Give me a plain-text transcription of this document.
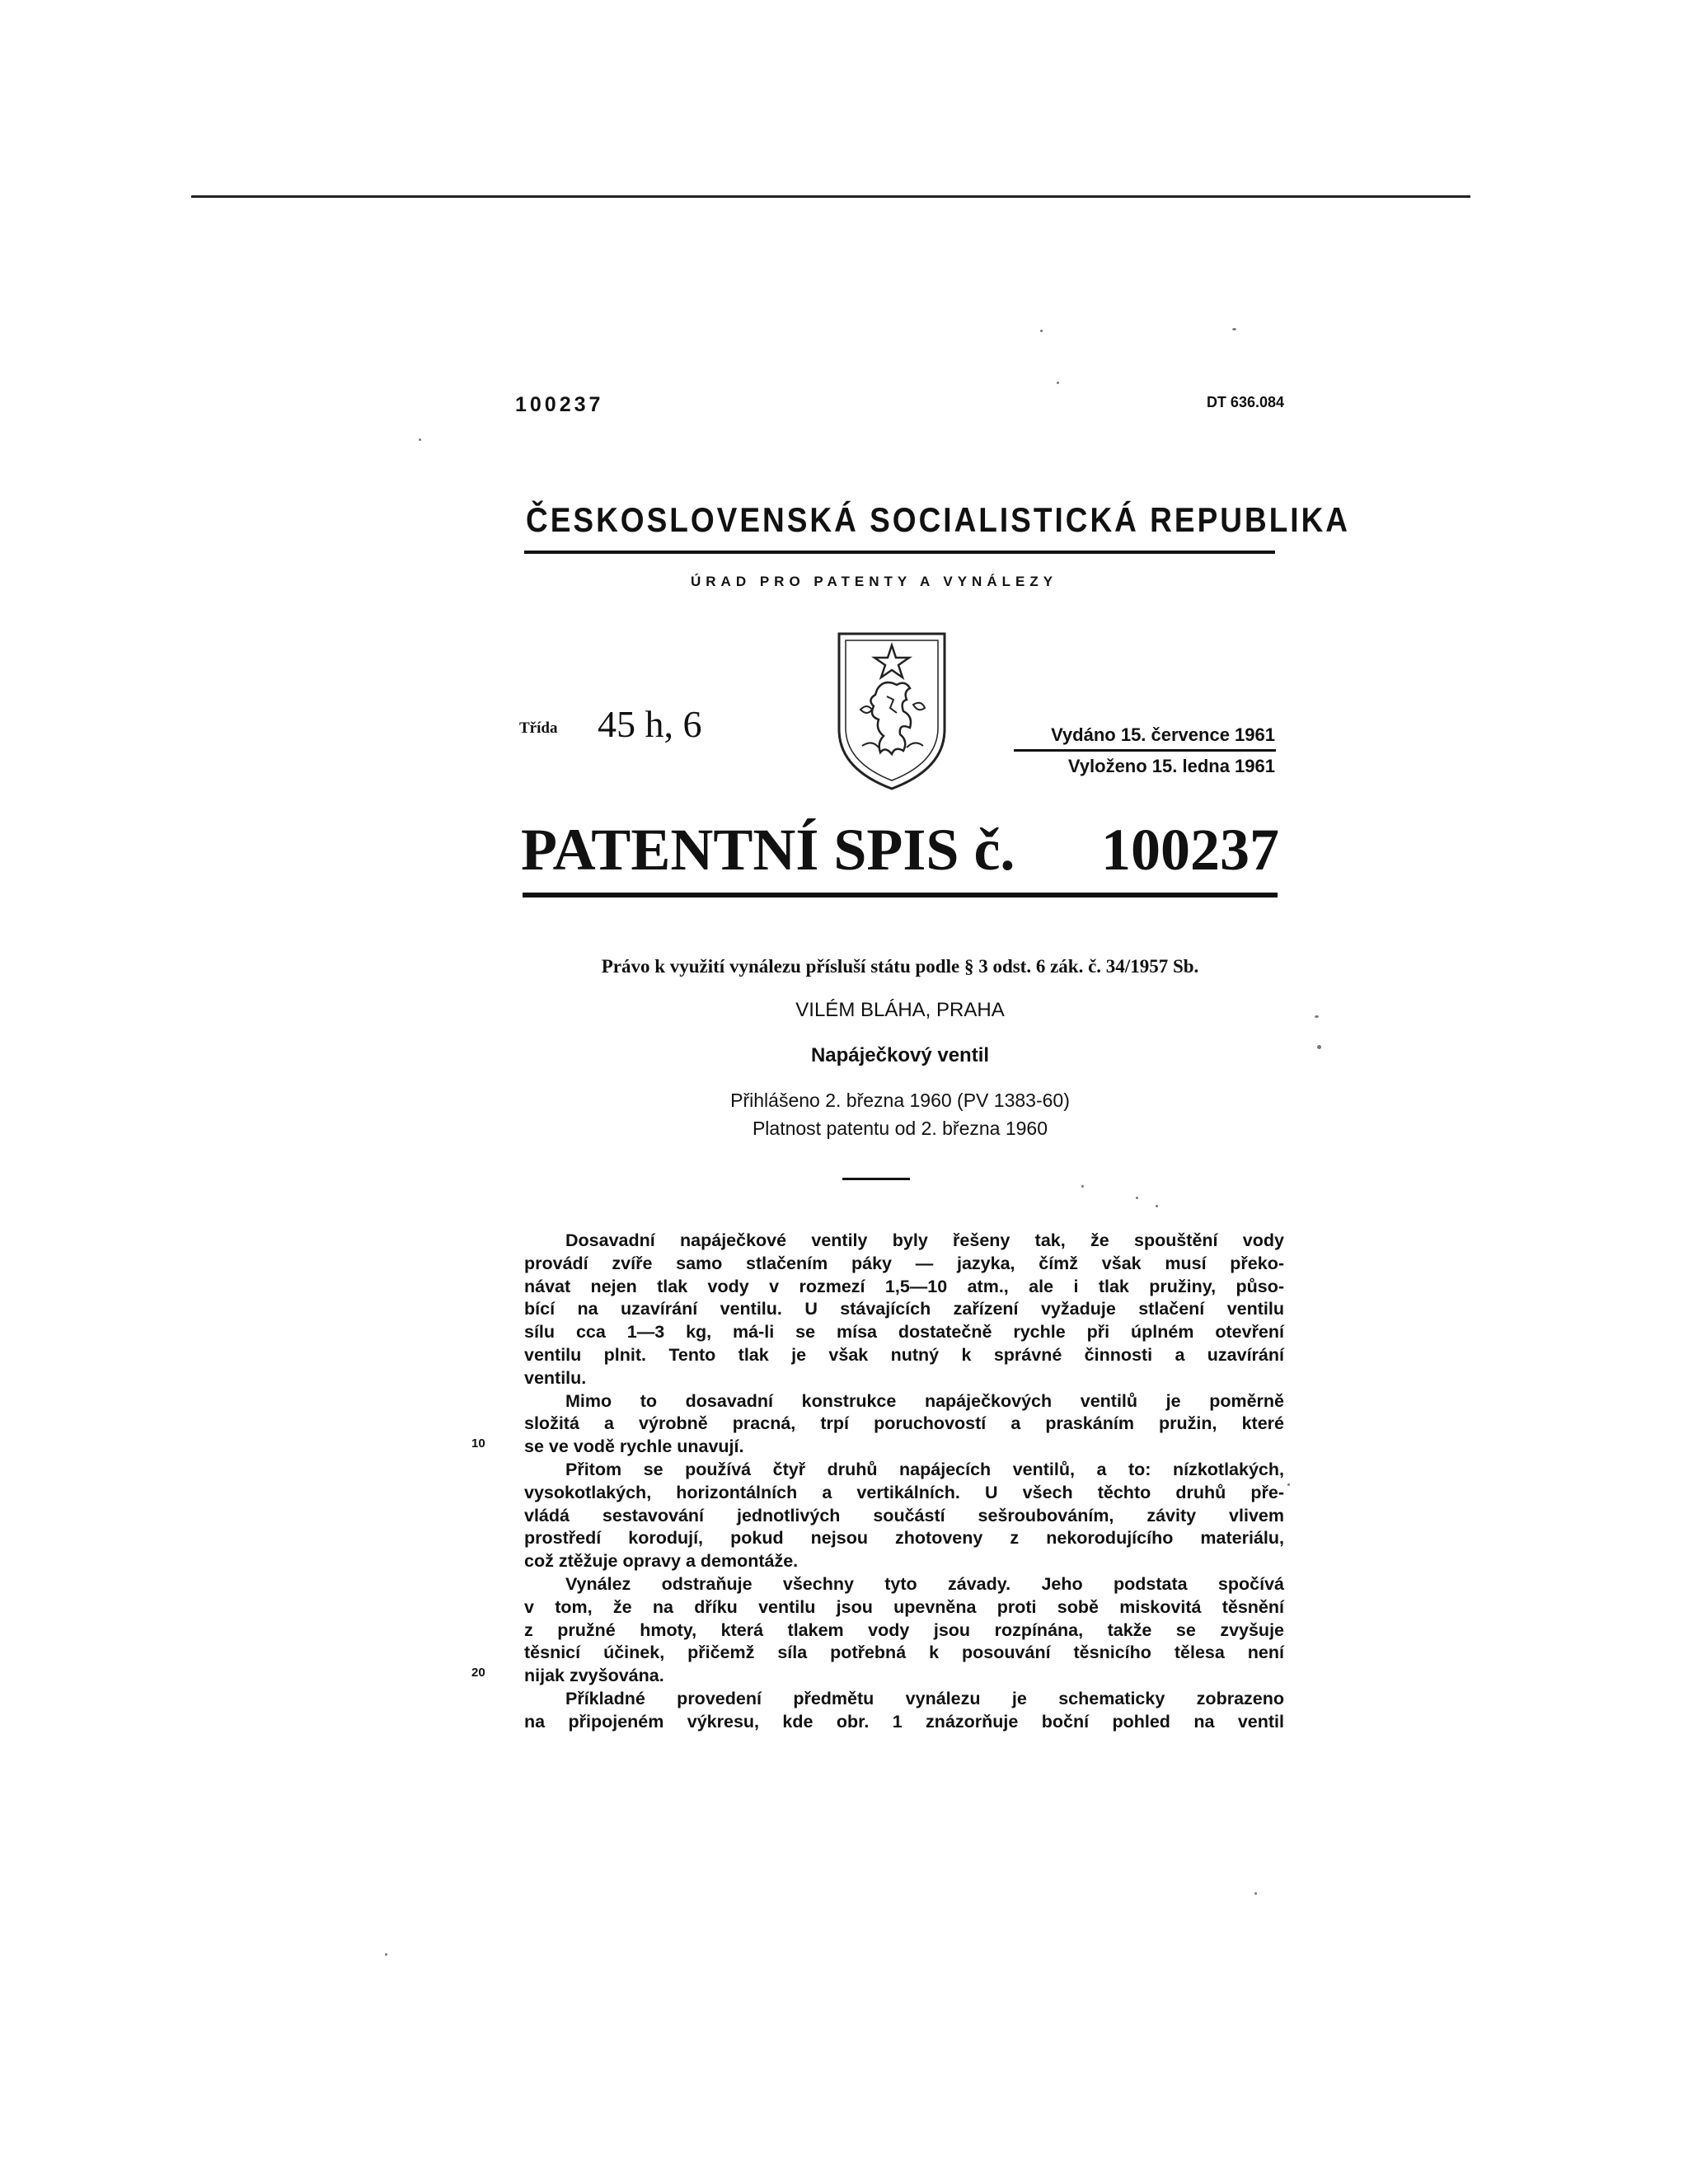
100237	DT 636.084
ČESKOSLOVENSKÁ SOCIALISTICKÁ REPUBLIKA
ÚRAD PRO PATENTY A VYNÁLEZY
Třída 45 h, 6	Vydáno 15. července 1961
Vyloženo 15. ledna 1961
PATENTNÍ SPIS č. 100237
Právo k využití vynálezu přísluší státu podle § 3 odst. 6 zák. č. 34/1957 Sb.
VILÉM BLÁHA, PRAHA
Napáječkový ventil
Přihlášeno 2. března 1960 (PV 1383-60)
Platnost patentu od 2. března 1960
10
20
Dosavadní napáječkové ventily byly řešeny tak, že spouštění vody
provádí zvíře samo stlačením páky — jazyka, čímž však musí překo-
návat nejen tlak vody v rozmezí 1,5—10 atm., ale i tlak pružiny, půso-
bící na uzavírání ventilu. U stávajících zařízení vyžaduje stlačení ventilu
sílu cca 1—3 kg, má-li se mísa dostatečně rychle při úplném otevření
ventilu plnit. Tento tlak je však nutný k správné činnosti a uzavírání
ventilu.
Mimo to dosavadní konstrukce napáječkových ventilů je poměrně
složitá a výrobně pracná, trpí poruchovostí a praskáním pružin, které
se ve vodě rychle unavují.
Přitom se používá čtyř druhů napájecích ventilů, a to: nízkotlakých,
vysokotlakých, horizontálních a vertikálních. U všech těchto druhů pře-
vládá sestavování jednotlivých součástí sešroubováním, závity vlivem
prostředí korodují, pokud nejsou zhotoveny z nekorodujícího materiálu,
což ztěžuje opravy a demontáže.
Vynález odstraňuje všechny tyto závady. Jeho podstata spočívá
v tom, že na dříku ventilu jsou upevněna proti sobě miskovitá těsnění
z pružné hmoty, která tlakem vody jsou rozpínána, takže se zvyšuje
těsnicí účinek, přičemž síla potřebná k posouvání těsnicího tělesa není
nijak zvyšována.
Příkladné provedení předmětu vynálezu je schematicky zobrazeno
na připojeném výkresu, kde obr. 1 znázorňuje boční pohled na ventil
